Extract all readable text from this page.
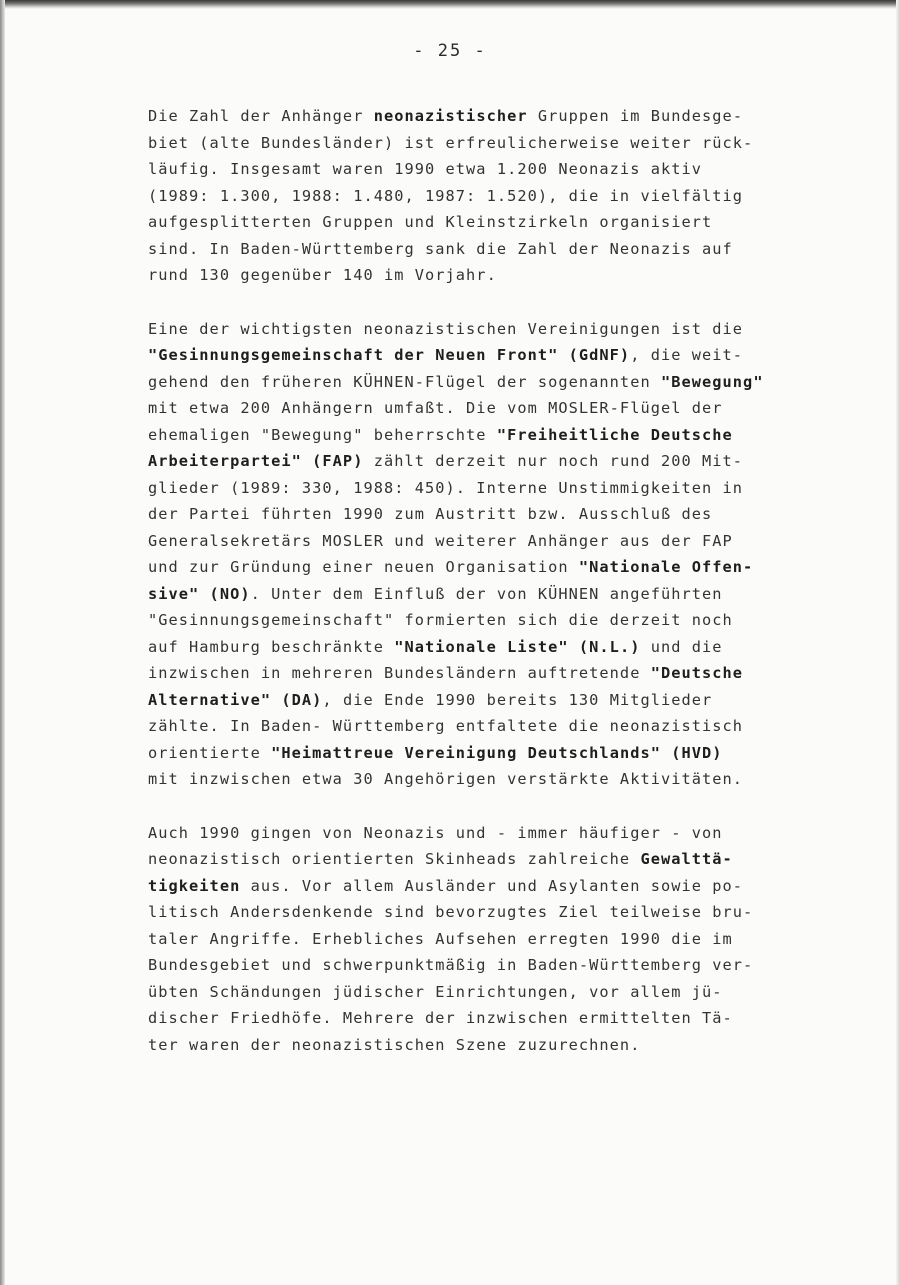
- 25 -
Die Zahl der Anhänger neonazistischer Gruppen im Bundesge-
biet (alte Bundesländer) ist erfreulicherweise weiter rück-
läufig. Insgesamt waren 1990 etwa 1.200 Neonazis aktiv
(1989: 1.300, 1988: 1.480, 1987: 1.520), die in vielfältig
aufgesplitterten Gruppen und Kleinstzirkeln organisiert
sind. In Baden-Württemberg sank die Zahl der Neonazis auf
rund 130 gegenüber 140 im Vorjahr.
Eine der wichtigsten neonazistischen Vereinigungen ist die
"Gesinnungsgemeinschaft der Neuen Front" (GdNF), die weit-
gehend den früheren KÜHNEN-Flügel der sogenannten "Bewegung"
mit etwa 200 Anhängern umfaßt. Die vom MOSLER-Flügel der
ehemaligen "Bewegung" beherrschte "Freiheitliche Deutsche
Arbeiterpartei" (FAP) zählt derzeit nur noch rund 200 Mit-
glieder (1989: 330, 1988: 450). Interne Unstimmigkeiten in
der Partei führten 1990 zum Austritt bzw. Ausschluß des
Generalsekretärs MOSLER und weiterer Anhänger aus der FAP
und zur Gründung einer neuen Organisation "Nationale Offen-
sive" (NO). Unter dem Einfluß der von KÜHNEN angeführten
"Gesinnungsgemeinschaft" formierten sich die derzeit noch
auf Hamburg beschränkte "Nationale Liste" (N.L.) und die
inzwischen in mehreren Bundesländern auftretende "Deutsche
Alternative" (DA), die Ende 1990 bereits 130 Mitglieder
zählte. In Baden- Württemberg entfaltete die neonazistisch
orientierte "Heimattreue Vereinigung Deutschlands" (HVD)
mit inzwischen etwa 30 Angehörigen verstärkte Aktivitäten.
Auch 1990 gingen von Neonazis und - immer häufiger - von
neonazistisch orientierten Skinheads zahlreiche Gewalttä-
tigkeiten aus. Vor allem Ausländer und Asylanten sowie po-
litisch Andersdenkende sind bevorzugtes Ziel teilweise bru-
taler Angriffe. Erhebliches Aufsehen erregten 1990 die im
Bundesgebiet und schwerpunktmäßig in Baden-Württemberg ver-
übten Schändungen jüdischer Einrichtungen, vor allem jü-
discher Friedhöfe. Mehrere der inzwischen ermittelten Tä-
ter waren der neonazistischen Szene zuzurechnen.
